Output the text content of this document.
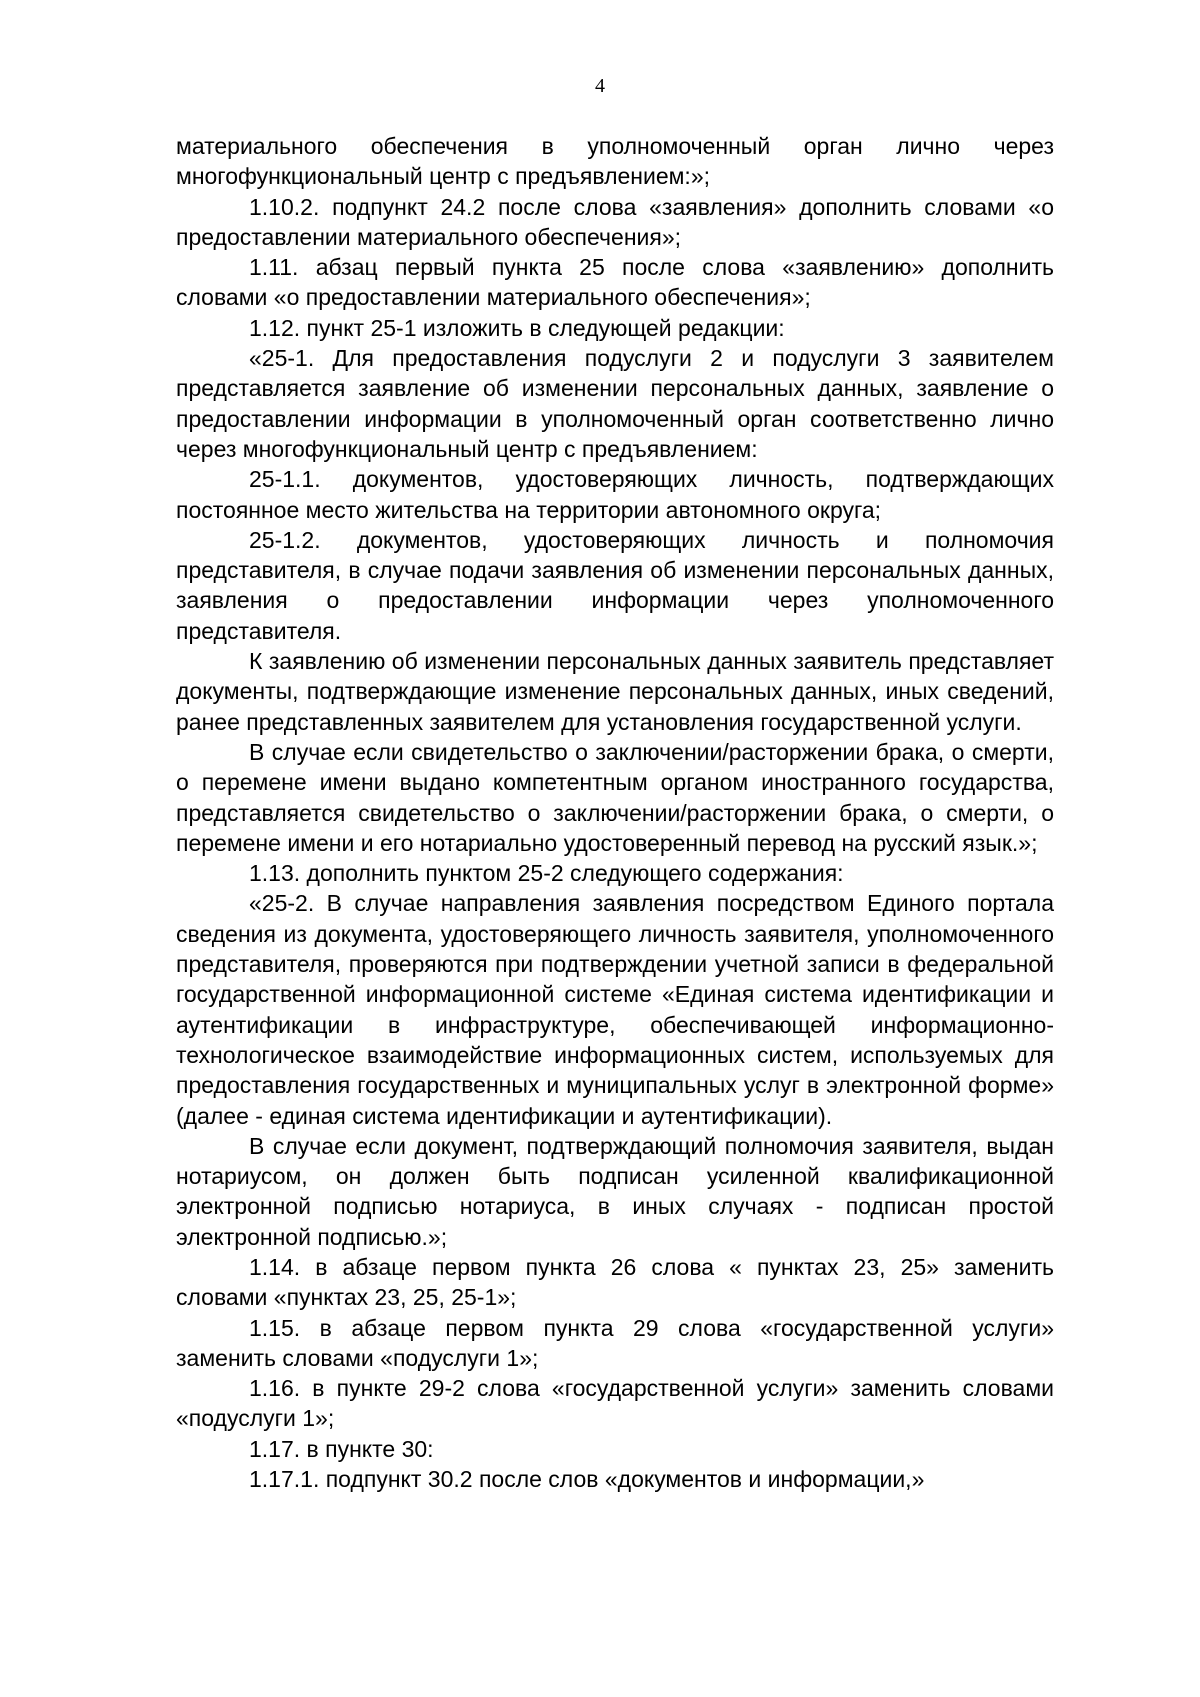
4

материального обеспечения в уполномоченный орган лично через многофункциональный центр с предъявлением:»;

1.10.2. подпункт 24.2 после слова «заявления» дополнить словами «о предоставлении материального обеспечения»;

1.11. абзац первый пункта 25 после слова «заявлению» дополнить словами «о предоставлении материального обеспечения»;

1.12. пункт 25-1 изложить в следующей редакции:

«25-1. Для предоставления подуслуги 2 и подуслуги 3 заявителем представляется заявление об изменении персональных данных, заявление о предоставлении информации в уполномоченный орган соответственно лично через многофункциональный центр с предъявлением:

25-1.1. документов, удостоверяющих личность, подтверждающих постоянное место жительства на территории автономного округа;

25-1.2. документов, удостоверяющих личность и полномочия представителя, в случае подачи заявления об изменении персональных данных, заявления о предоставлении информации через уполномоченного представителя.

К заявлению об изменении персональных данных заявитель представляет документы, подтверждающие изменение персональных данных, иных сведений, ранее представленных заявителем для установления государственной услуги.

В случае если свидетельство о заключении/расторжении брака, о смерти, о перемене имени выдано компетентным органом иностранного государства, представляется свидетельство о заключении/расторжении брака, о смерти, о перемене имени и его нотариально удостоверенный перевод на русский язык.»;

1.13. дополнить пунктом 25-2 следующего содержания:

«25-2. В случае направления заявления посредством Единого портала сведения из документа, удостоверяющего личность заявителя, уполномоченного представителя, проверяются при подтверждении учетной записи в федеральной государственной информационной системе «Единая система идентификации и аутентификации в инфраструктуре, обеспечивающей информационно-технологическое взаимодействие информационных систем, используемых для предоставления государственных и муниципальных услуг в электронной форме» (далее - единая система идентификации и аутентификации).

В случае если документ, подтверждающий полномочия заявителя, выдан нотариусом, он должен быть подписан усиленной квалификационной электронной подписью нотариуса, в иных случаях - подписан простой электронной подписью.»;

1.14. в абзаце первом пункта 26 слова « пунктах 23, 25» заменить словами «пунктах 23, 25, 25-1»;

1.15. в абзаце первом пункта 29 слова «государственной услуги» заменить словами «подуслуги 1»;

1.16. в пункте 29-2 слова «государственной услуги» заменить словами «подуслуги 1»;

1.17. в пункте 30:

1.17.1. подпункт 30.2 после слов «документов и информации,»
